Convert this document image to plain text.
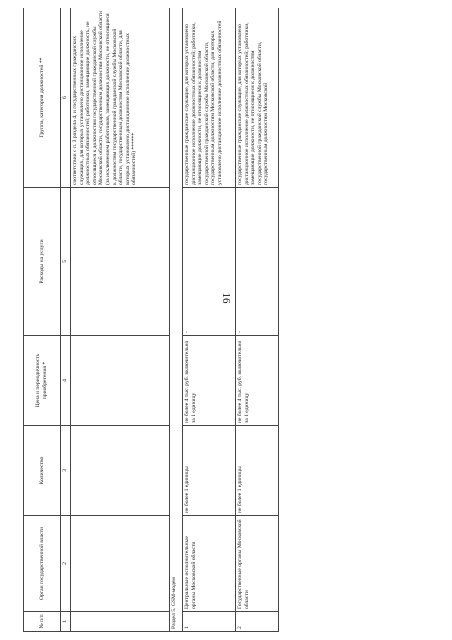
16
№ п/п	Орган государственной власти	Количество	Цена и периодичность приобретения *	Расходы на услуги	Группа, категория должностей **
1	2	3	4	5	6
					соответствии с п. 3 раздела 4, и государственных гражданских служащих, для которых установлено дистанционное исполнение должностных обязанностей; работники, замещающие должность, не относящиеся к должностям государственной гражданской службы Московской области, государственным должностям Московской области (за исключением работников, замещающих должности, не относящиеся к должностям государственной гражданской службы Московской области, государственным должностям Московской области, для которых установлено дистанционное исполнение должностных обязанностей) ******
Раздел 5. GSM-модем					
1	Центральные исполнительные органы Московской области	не более 1 единицы	не более 4 тыс. руб. включительно за 1 единицу	-	государственные гражданские служащие, для которых установлено дистанционное исполнение должностных обязанностей; работники, замещающие должности, не относящиеся к должностям государственной гражданской службы Московской области, государственным должностям Московской области, для которых установлено дистанционное исполнение должностных обязанностей
2	Государственные органы Московской области	не более 1 единицы	не более 4 тыс. руб. включительно за 1 единицу	-	государственные гражданские служащие, для которых установлено дистанционное исполнение должностных обязанностей; работники, замещающие должности, не относящиеся к должностям государственной гражданской службы Московской области, государственным должностям Московской
